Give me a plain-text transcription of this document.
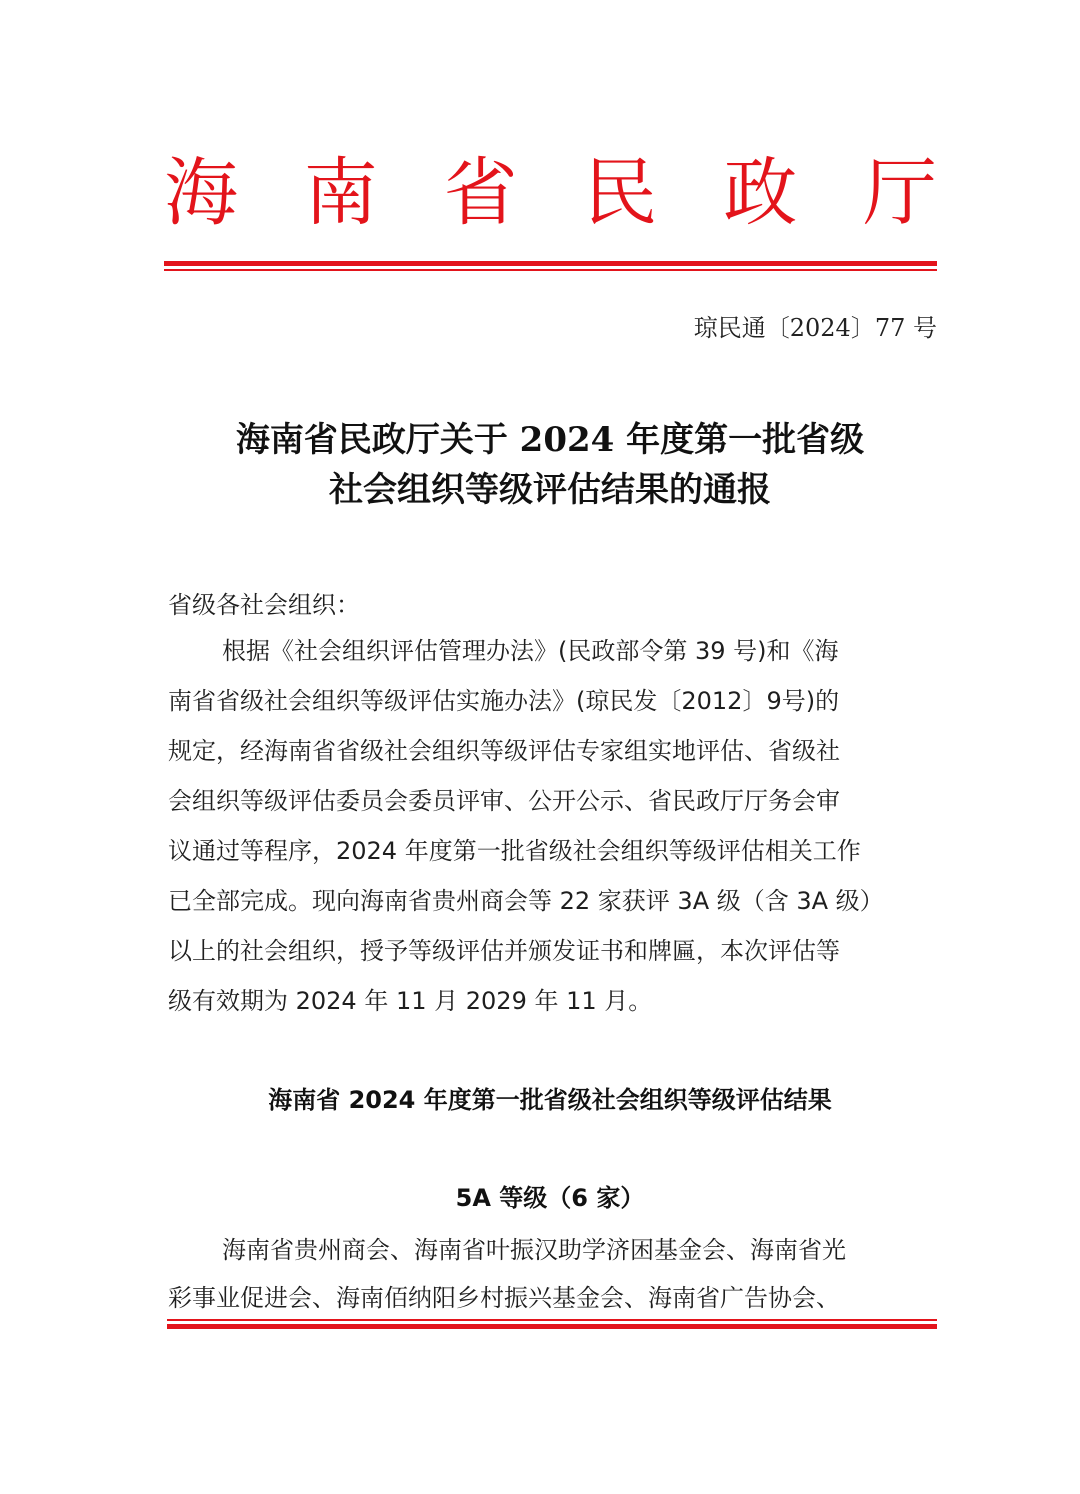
海 南 省 民 政 厅
琼民通〔2024〕77 号
海南省民政厅关于 2024 年度第一批省级
社会组织等级评估结果的通报
省级各社会组织：
根据《社会组织评估管理办法》(民政部令第 39 号)和《海
南省省级社会组织等级评估实施办法》(琼民发〔2012〕9号)的
规定，经海南省省级社会组织等级评估专家组实地评估、省级社
会组织等级评估委员会委员评审、公开公示、省民政厅厅务会审
议通过等程序，2024 年度第一批省级社会组织等级评估相关工作
已全部完成。现向海南省贵州商会等 22 家获评 3A 级（含 3A 级）
以上的社会组织，授予等级评估并颁发证书和牌匾，本次评估等
级有效期为 2024 年 11 月 2029 年 11 月。
海南省 2024 年度第一批省级社会组织等级评估结果
5A 等级（6 家）
海南省贵州商会、海南省叶振汉助学济困基金会、海南省光
彩事业促进会、海南佰纳阳乡村振兴基金会、海南省广告协会、
